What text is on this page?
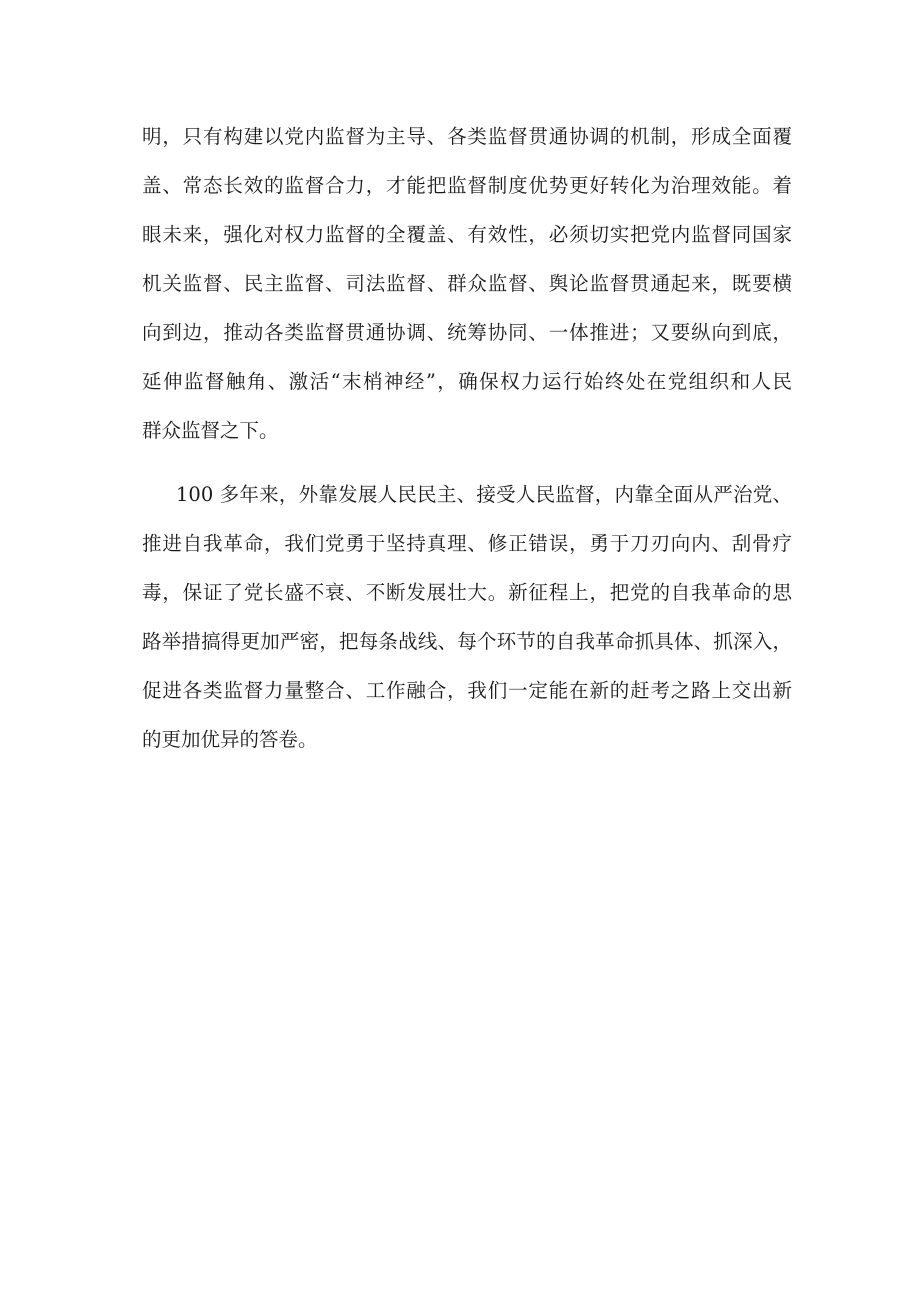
明，只有构建以党内监督为主导、各类监督贯通协调的机制，形成全面覆
盖、常态长效的监督合力，才能把监督制度优势更好转化为治理效能。着
眼未来，强化对权力监督的全覆盖、有效性，必须切实把党内监督同国家
机关监督、民主监督、司法监督、群众监督、舆论监督贯通起来，既要横
向到边，推动各类监督贯通协调、统筹协同、一体推进；又要纵向到底，
延伸监督触角、激活“末梢神经”，确保权力运行始终处在党组织和人民
群众监督之下。
100 多年来，外靠发展人民民主、接受人民监督，内靠全面从严治党、
推进自我革命，我们党勇于坚持真理、修正错误，勇于刀刃向内、刮骨疗
毒，保证了党长盛不衰、不断发展壮大。新征程上，把党的自我革命的思
路举措搞得更加严密，把每条战线、每个环节的自我革命抓具体、抓深入，
促进各类监督力量整合、工作融合，我们一定能在新的赶考之路上交出新
的更加优异的答卷。
